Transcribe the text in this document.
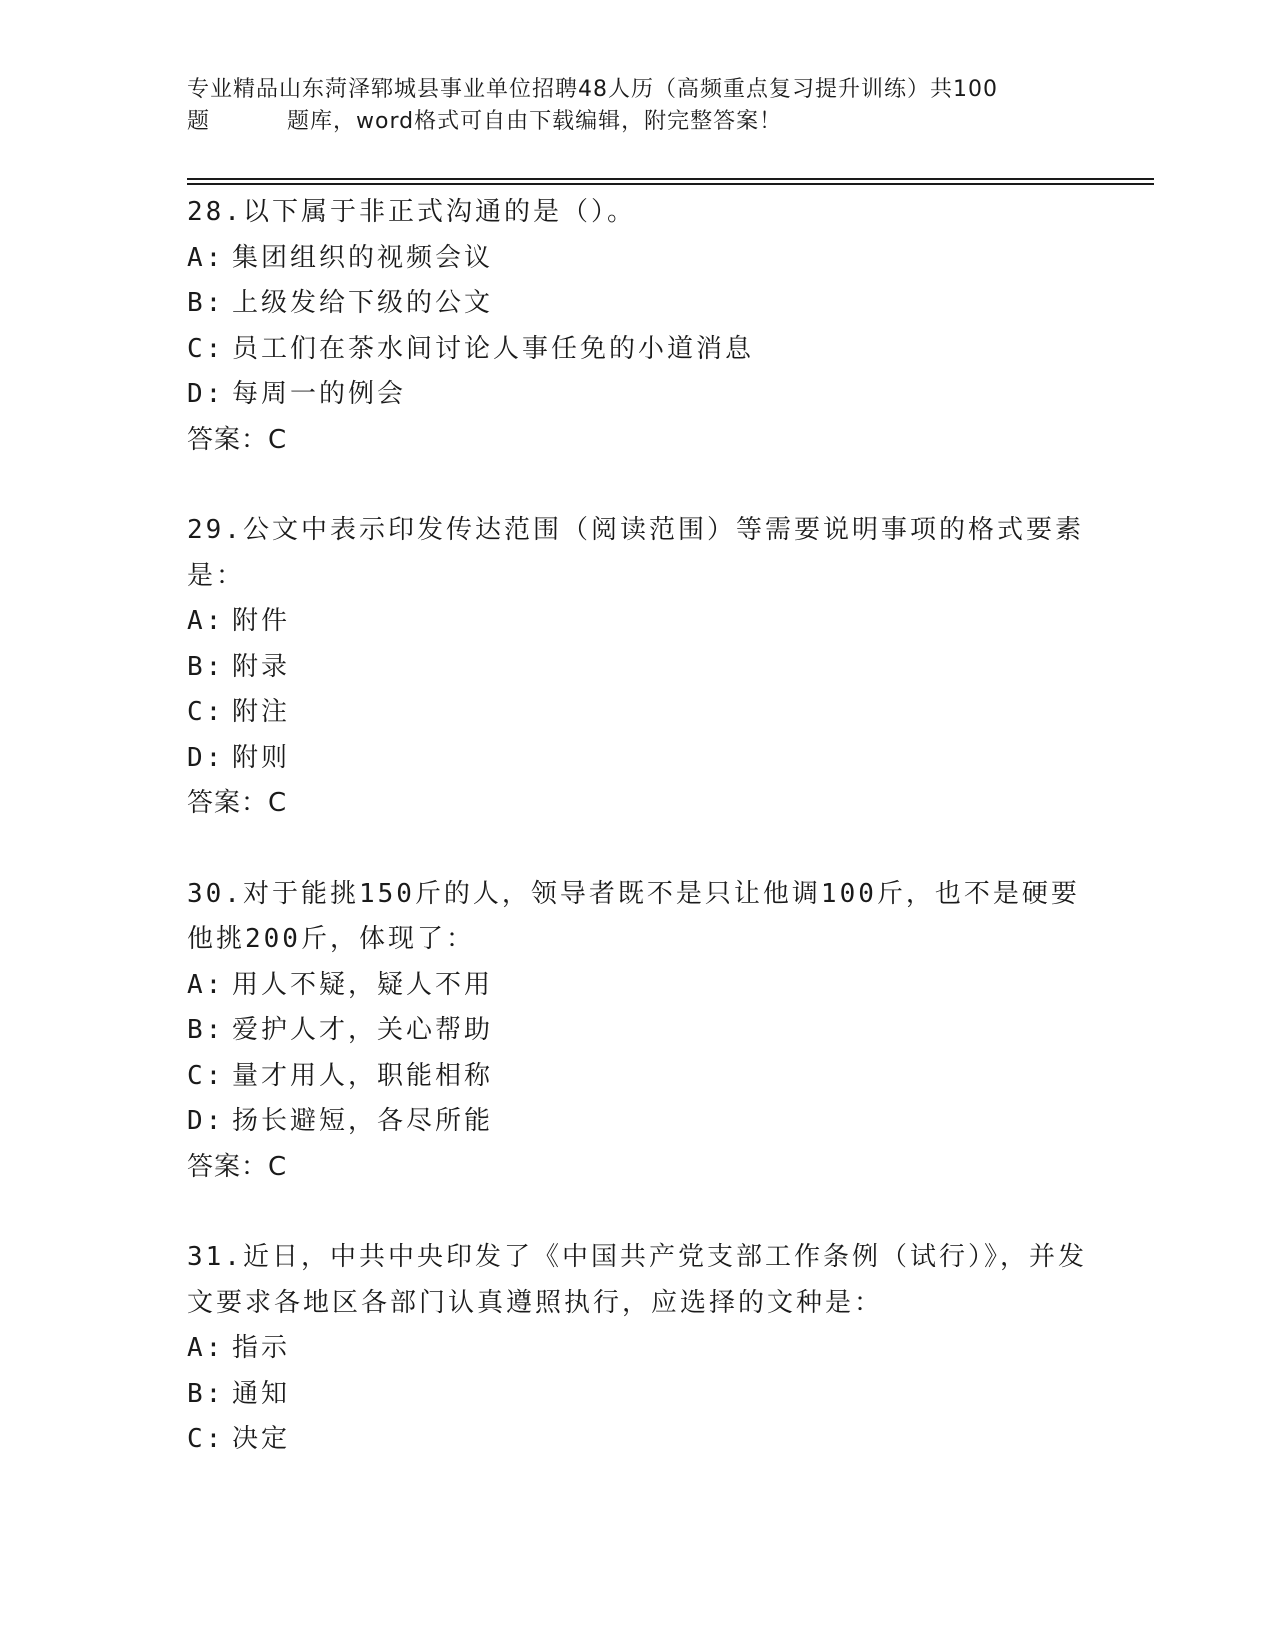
专业精品山东菏泽郓城县事业单位招聘48人历（高频重点复习提升训练）共100
题	题库，word格式可自由下载编辑，附完整答案！
28. 以下属于非正式沟通的是（）。
A: 集团组织的视频会议
B: 上级发给下级的公文
C: 员工们在茶水间讨论人事任免的小道消息
D: 每周一的例会
答案：C
29.公文中表示印发传达范围（阅读范围）等需要说明事项的格式要素是：
A: 附件
B: 附录
C: 附注
D: 附则
答案：C
30.对于能挑150斤的人，领导者既不是只让他调100斤，也不是硬要他挑200斤，体现了：
A: 用人不疑，疑人不用
B: 爱护人才，关心帮助
C: 量才用人，职能相称
D: 扬长避短，各尽所能
答案：C
31.近日，中共中央印发了《中国共产党支部工作条例（试行）》，并发文要求各地区各部门认真遵照执行，应选择的文种是：
A: 指示
B: 通知
C: 决定
